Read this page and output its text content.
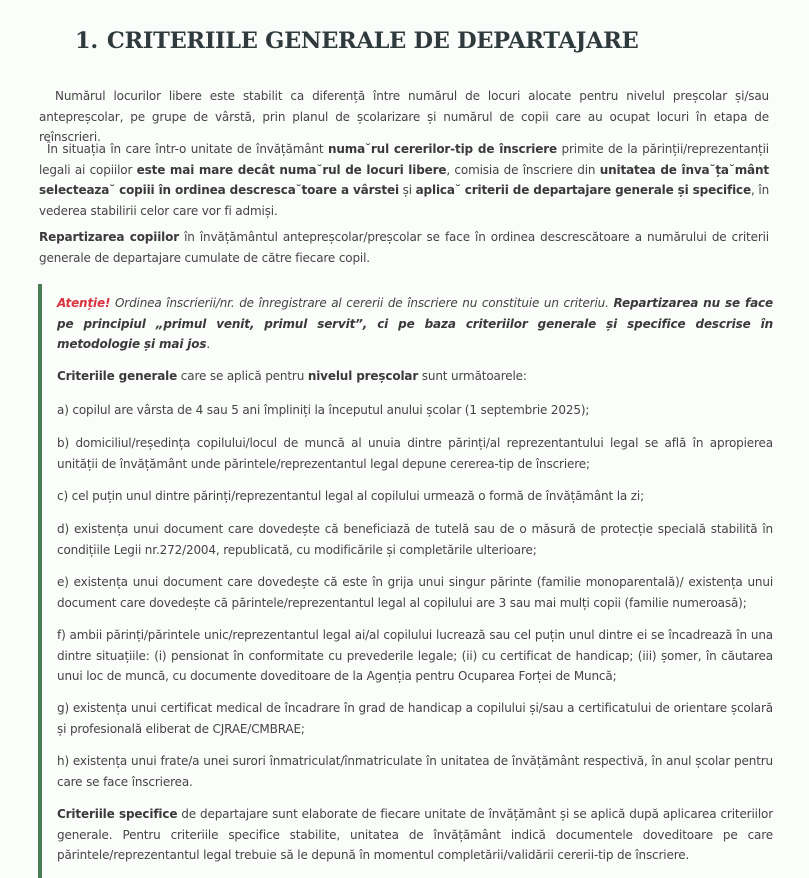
1. CRITERIILE GENERALE DE DEPARTAJARE

Numărul locurilor libere este stabilit ca diferență între numărul de locuri alocate pentru nivelul preșcolar și/sau antepreșcolar, pe grupe de vârstă, prin planul de școlarizare și numărul de copii care au ocupat locuri în etapa de reînscrieri.

În situația în care într-o unitate de învățământ numa˘rul cererilor-tip de înscriere primite de la părinții/reprezentanții legali ai copiilor este mai mare decât numa˘rul de locuri libere, comisia de înscriere din unitatea de înva˘ța˘mânt selecteaza˘ copiii în ordinea descresca˘toare a vârstei și aplica˘ criterii de departajare generale și specifice, în vederea stabilirii celor care vor fi admiși.

Repartizarea copiilor în învățământul antepreșcolar/preșcolar se face în ordinea descrescătoare a numărului de criterii generale de departajare cumulate de către fiecare copil.

Atenție! Ordinea înscrierii/nr. de înregistrare al cererii de înscriere nu constituie un criteriu. Repartizarea nu se face pe principiul „primul venit, primul servit”, ci pe baza criteriilor generale și specifice descrise în metodologie și mai jos.

Criteriile generale care se aplică pentru nivelul preșcolar sunt următoarele:

a) copilul are vârsta de 4 sau 5 ani împliniți la începutul anului școlar (1 septembrie 2025);

b) domiciliul/reședința copilului/locul de muncă al unuia dintre părinți/al reprezentantului legal se află în apropierea unității de învățământ unde părintele/reprezentantul legal depune cererea-tip de înscriere;

c) cel puțin unul dintre părinți/reprezentantul legal al copilului urmează o formă de învățământ la zi;

d) existența unui document care dovedește că beneficiază de tutelă sau de o măsură de protecție specială stabilită în condițiile Legii nr.272/2004, republicată, cu modificările și completările ulterioare;

e) existența unui document care dovedește că este în grija unui singur părinte (familie monoparentală)/ existența unui document care dovedește că părintele/reprezentantul legal al copilului are 3 sau mai mulți copii (familie numeroasă);

f) ambii părinți/părintele unic/reprezentantul legal ai/al copilului lucrează sau cel puțin unul dintre ei se încadrează în una dintre situațiile: (i) pensionat în conformitate cu prevederile legale; (ii) cu certificat de handicap; (iii) șomer, în căutarea unui loc de muncă, cu documente doveditoare de la Agenția pentru Ocuparea Forței de Muncă;

g) existența unui certificat medical de încadrare în grad de handicap a copilului și/sau a certificatului de orientare școlară și profesională eliberat de CJRAE/CMBRAE;

h) existența unui frate/a unei surori înmatriculat/înmatriculate în unitatea de învățământ respectivă, în anul școlar pentru care se face înscrierea.

Criteriile specifice de departajare sunt elaborate de fiecare unitate de învățământ și se aplică după aplicarea criteriilor generale. Pentru criteriile specifice stabilite, unitatea de învățământ indică documentele doveditoare pe care părintele/reprezentantul legal trebuie să le depună în momentul completării/validării cererii-tip de înscriere.
